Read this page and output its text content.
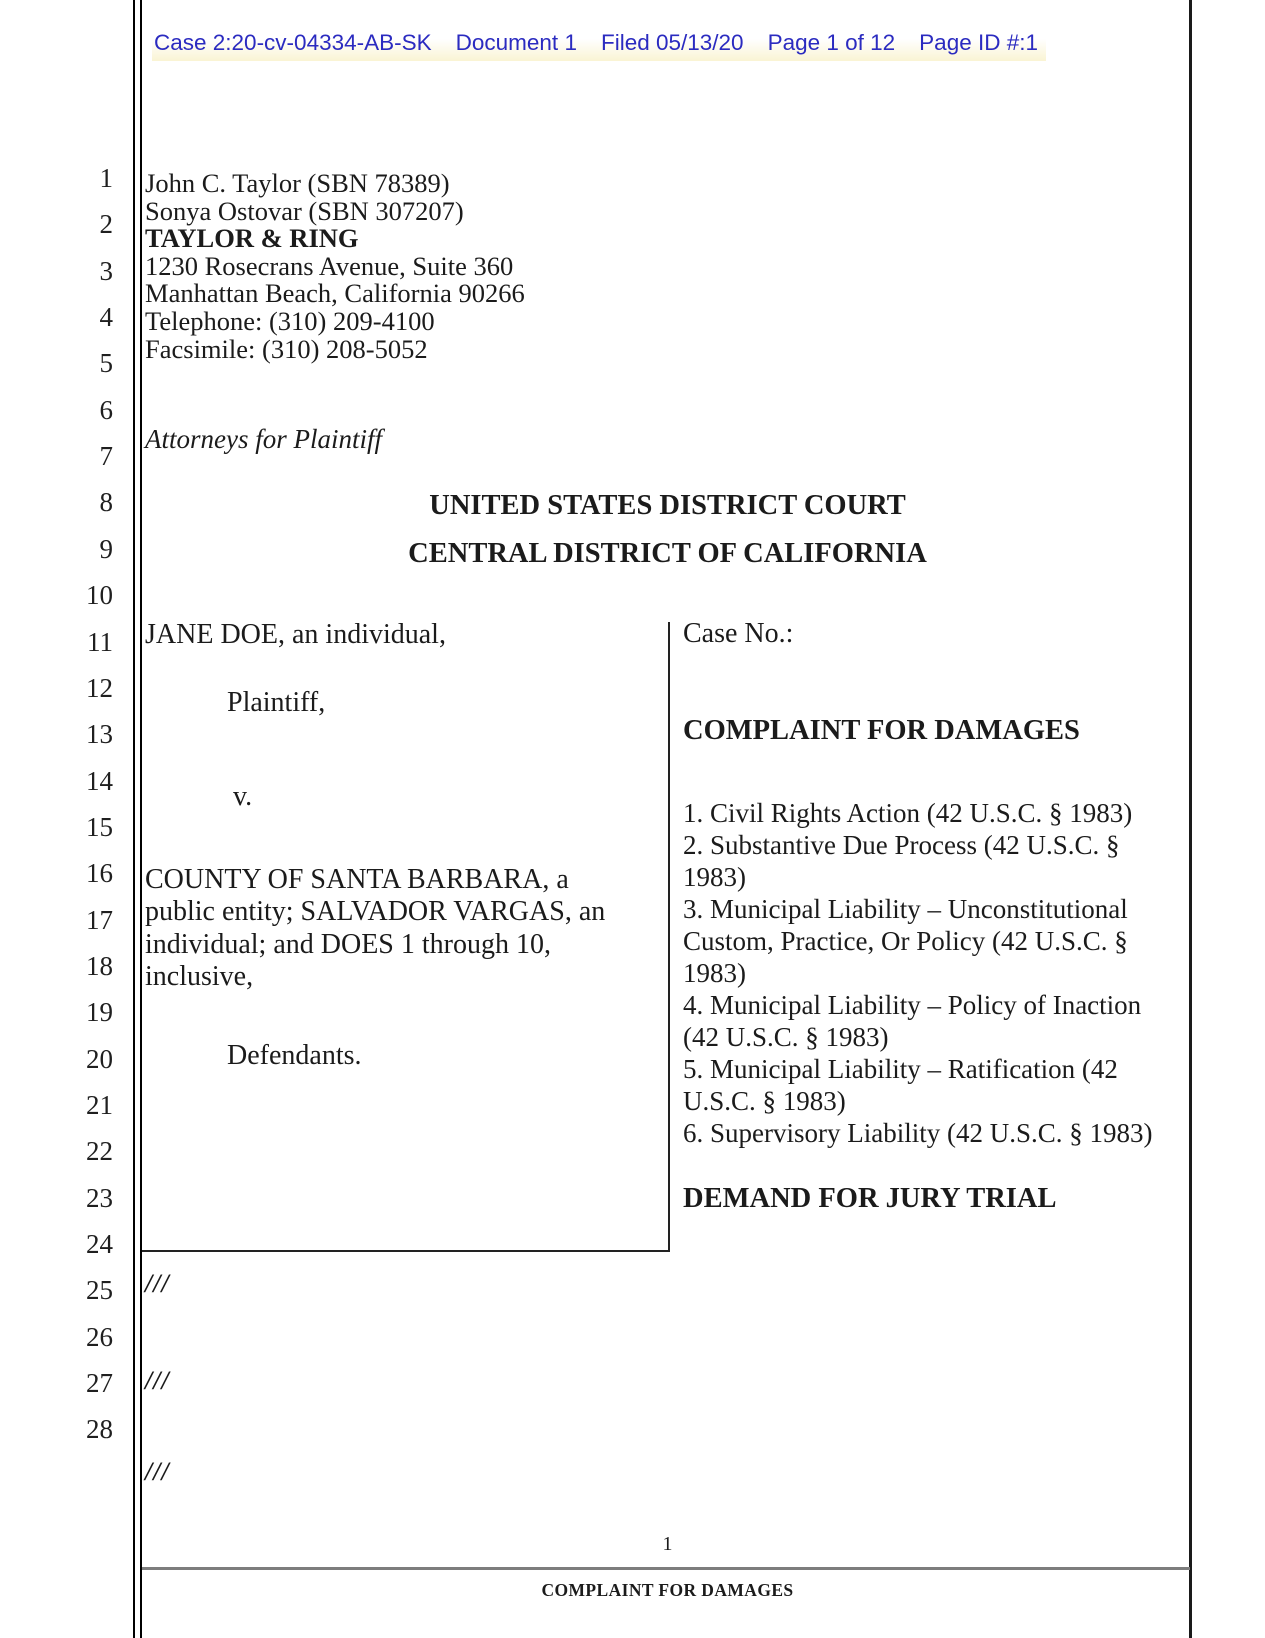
1
2
3
4
5
6
7
8
9
10
11
12
13
14
15
16
17
18
19
20
21
22
23
24
25
26
27
28
Case 2:20-cv-04334-AB-SK Document 1 Filed 05/13/20 Page 1 of 12 Page ID #:1
John C. Taylor (SBN 78389)
Sonya Ostovar (SBN 307207)
TAYLOR & RING
1230 Rosecrans Avenue, Suite 360
Manhattan Beach, California 90266
Telephone: (310) 209-4100
Facsimile: (310) 208-5052
Attorneys for Plaintiff
UNITED STATES DISTRICT COURT
CENTRAL DISTRICT OF CALIFORNIA
JANE DOE, an individual,
Plaintiff,
v.
COUNTY OF SANTA BARBARA, a
public entity; SALVADOR VARGAS, an
individual; and DOES 1 through 10,
inclusive,
Defendants.
Case No.:
COMPLAINT FOR DAMAGES
1. Civil Rights Action (42 U.S.C. § 1983)
2. Substantive Due Process (42 U.S.C. §
1983)
3. Municipal Liability – Unconstitutional
Custom, Practice, Or Policy (42 U.S.C. §
1983)
4. Municipal Liability – Policy of Inaction
(42 U.S.C. § 1983)
5. Municipal Liability – Ratification (42
U.S.C. § 1983)
6. Supervisory Liability (42 U.S.C. § 1983)
DEMAND FOR JURY TRIAL
///
///
///
1
COMPLAINT FOR DAMAGES
